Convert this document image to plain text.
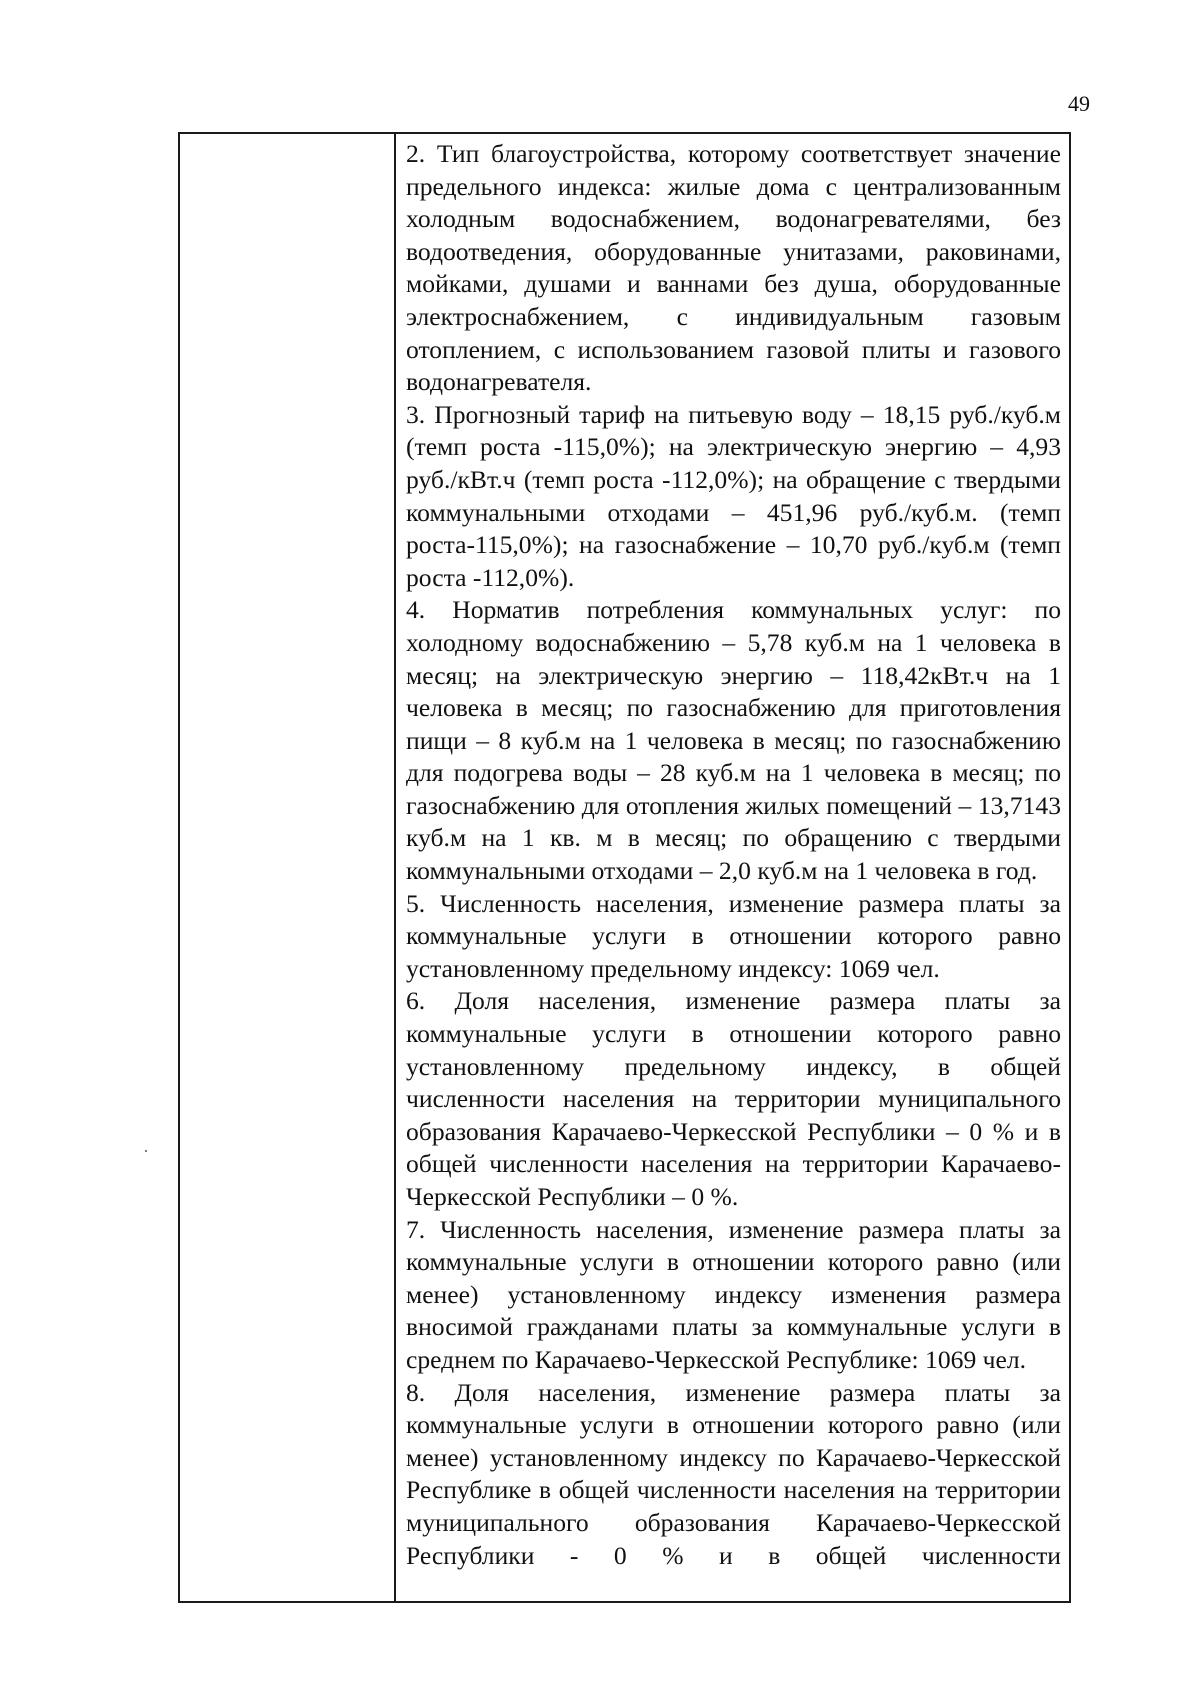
49

2. Тип благоустройства, которому соответствует значение предельного индекса: жилые дома с централизованным холодным водоснабжением, водонагревателями, без водоотведения, оборудованные унитазами, раковинами, мойками, душами и ваннами без душа, оборудованные электроснабжением, с индивидуальным газовым отоплением, с использованием газовой плиты и газового водонагревателя.

3. Прогнозный тариф на питьевую воду – 18,15 руб./куб.м (темп роста -115,0%); на электрическую энергию – 4,93 руб./кВт.ч (темп роста -112,0%); на обращение с твердыми коммунальными отходами – 451,96 руб./куб.м. (темп роста-115,0%); на газоснабжение – 10,70 руб./куб.м (темп роста -112,0%).

4. Норматив потребления коммунальных услуг: по холодному водоснабжению – 5,78 куб.м на 1 человека в месяц; на электрическую энергию – 118,42кВт.ч на 1 человека в месяц; по газоснабжению для приготовления пищи – 8 куб.м на 1 человека в месяц; по газоснабжению для подогрева воды – 28 куб.м на 1 человека в месяц; по газоснабжению для отопления жилых помещений – 13,7143 куб.м на 1 кв. м в месяц; по обращению с твердыми коммунальными отходами – 2,0 куб.м на 1 человека в год.

5. Численность населения, изменение размера платы за коммунальные услуги в отношении которого равно установленному предельному индексу: 1069 чел.

6. Доля населения, изменение размера платы за коммунальные услуги в отношении которого равно установленному предельному индексу, в общей численности населения на территории муниципального образования Карачаево-Черкесской Республики – 0 % и в общей численности населения на территории Карачаево-Черкесской Республики – 0 %.

7. Численность населения, изменение размера платы за коммунальные услуги в отношении которого равно (или менее) установленному индексу изменения размера вносимой гражданами платы за коммунальные услуги в среднем по Карачаево-Черкесской Республике: 1069 чел.

8. Доля населения, изменение размера платы за коммунальные услуги в отношении которого равно (или менее) установленному индексу по Карачаево-Черкесской Республике в общей численности населения на территории муниципального образования Карачаево-Черкесской Республики - 0 % и в общей численности
